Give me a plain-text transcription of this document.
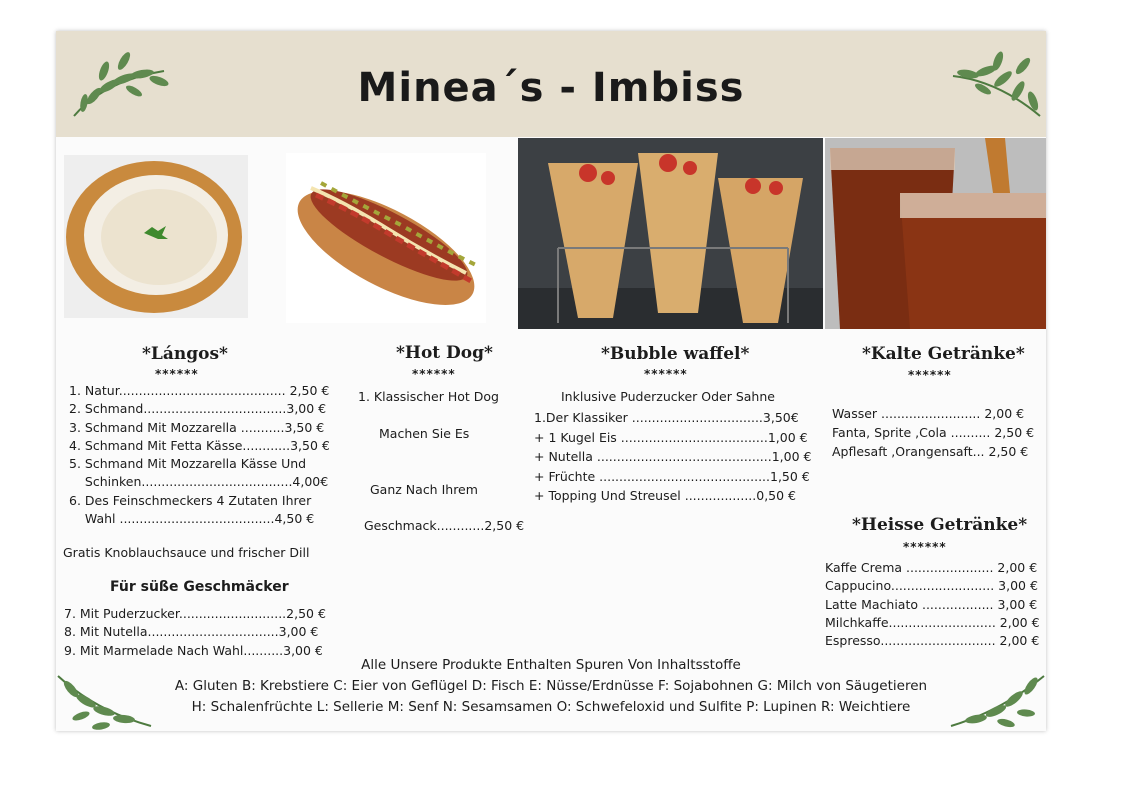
Minea´s - Imbiss
*Lángos*
******
1. Natur.......................................... 2,50 €
2. Schmand....................................3,00 €
3. Schmand Mit Mozzarella ...........3,50 €
4. Schmand Mit Fetta Kässe............3,50 €
5. Schmand Mit Mozzarella Kässe Und
Schinken......................................4,00€
6. Des Feinschmeckers 4 Zutaten Ihrer
Wahl .......................................4,50 €
Gratis Knoblauchsauce und frischer Dill
Für süße Geschmäcker
7. Mit Puderzucker...........................2,50 €
8. Mit Nutella.................................3,00 €
9. Mit Marmelade Nach Wahl..........3,00 €
*Hot Dog*
******
1. Klassischer Hot Dog
Machen Sie Es
Ganz Nach Ihrem
Geschmack............2,50 €
*Bubble waffel*
******
Inklusive Puderzucker Oder Sahne
1.Der Klassiker .................................3,50€
+ 1 Kugel Eis .....................................1,00 €
+ Nutella ............................................1,00 €
+ Früchte ...........................................1,50 €
+ Topping Und Streusel ..................0,50 €
*Kalte Getränke*
******
Wasser ......................... 2,00 €
Fanta, Sprite ,Cola .......... 2,50 €
Apflesaft ,Orangensaft... 2,50 €
*Heisse Getränke*
******
Kaffe Crema ...................... 2,00 €
Cappucino.......................... 3,00 €
Latte Machiato .................. 3,00 €
Milchkaffe........................... 2,00 €
Espresso............................. 2,00 €
Alle Unsere Produkte Enthalten Spuren Von Inhaltsstoffe
A: Gluten B: Krebstiere C: Eier von Geflügel D: Fisch E: Nüsse/Erdnüsse F: Sojabohnen G: Milch von Säugetieren
H: Schalenfrüchte L: Sellerie M: Senf N: Sesamsamen O: Schwefeloxid und Sulfite P: Lupinen R: Weichtiere
